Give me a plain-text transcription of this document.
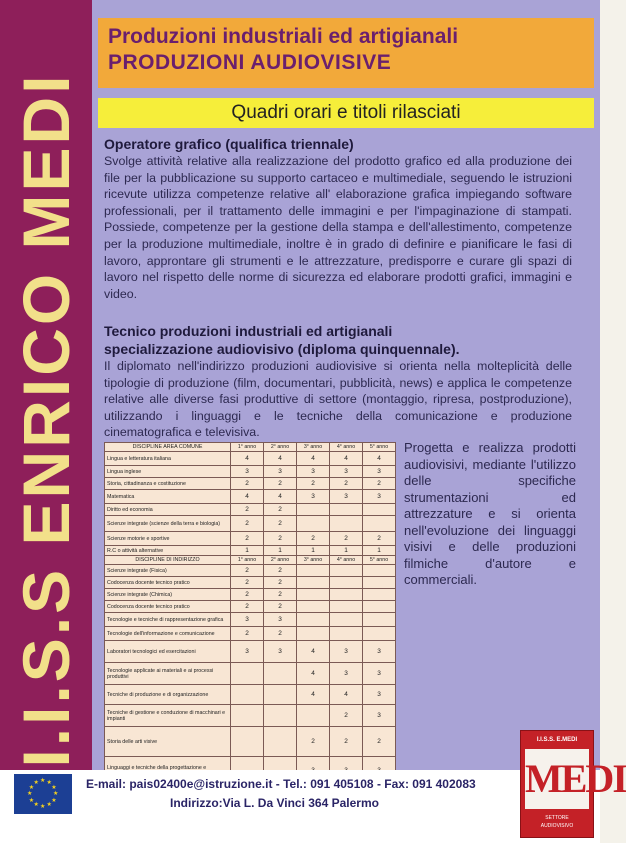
I.I.S.S ENRICO MEDI
Produzioni industriali ed artigianali
PRODUZIONI AUDIOVISIVE
Quadri orari e titoli rilasciati
Operatore grafico (qualifica triennale)
Svolge attività relative alla realizzazione del prodotto grafico ed alla produzione dei file per la pubblicazione su supporto cartaceo e multimediale, seguendo le istruzioni ricevute utilizza competenze relative all' elaborazione grafica impiegando software professionali, per il trattamento delle immagini e per l'impaginazione di stampati. Possiede, competenze per la gestione della stampa e dell'allestimento, competenze per la produzione multimediale, inoltre è in grado di definire e pianificare le fasi di lavoro, approntare gli strumenti e le attrezzature, predisporre e curare gli spazi di lavoro nel rispetto delle norme di sicurezza ed elaborare prodotti grafici, immagini e video.
Tecnico produzioni industriali ed artigianali
specializzazione audiovisivo (diploma quinquennale).
Il diplomato nell'indirizzo produzioni audiovisive si orienta nella molteplicità delle tipologie di produzione (film, documentari, pubblicità, news) e applica le competenze relative alle diverse fasi produttive di settore (montaggio, ripresa, postproduzione), utilizzando i linguaggi e le tecniche della comunicazione e produzione cinematografica e televisiva.
DISCIPLINE AREA COMUNE	1° anno	2° anno	3° anno	4° anno	5° anno
Lingua e letteratura italiana	4	4	4	4	4
Lingua inglese	3	3	3	3	3
Storia, cittadinanza e costituzione	2	2	2	2	2
Matematica	4	4	3	3	3
Diritto ed economia	2	2			
Scienze integrate (scienze della terra e biologia)	2	2			
Scienze motorie e sportive	2	2	2	2	2
R.C o attività alternative	1	1	1	1	1
DISCIPLINE DI INDIRIZZO	1° anno	2° anno	3° anno	4° anno	5° anno
Scienze integrate (Fisica)	2	2			
Codocenza docente tecnico pratico	2	2			
Scienze integrate (Chimica)	2	2			
Codocenza docente tecnico pratico	2	2			
Tecnologie e tecniche di rappresentazione grafica	3	3			
Tecnologie dell'informazione e comunicazione	2	2			
Laboratori tecnologici ed esercitazioni	3	3	4	3	3
Tecnologie applicate ai materiali e ai processi produttivi			4	3	3
Tecniche di produzione e di organizzazione			4	4	3
Tecniche di gestione e conduzione di macchinari e impianti				2	3
Storia delle arti visive			2	2	2
Linguaggi e tecniche della progettazione e					
Progetta e realizza prodotti audiovisivi, mediante l'utilizzo delle specifiche strumentazioni ed attrezzature e si orienta nell'evoluzione dei linguaggi visivi e delle produzioni filmiche d'autore e commerciali.
★ ★
★
★
★
★
★
★
★
★
★
★	E-mail: pais02400e@istruzione.it - Tel.: 091 405108 - Fax: 091 402083
Indirizzo:Via L. Da Vinci 364 Palermo
I.I.S.S. E.MEDI
MEDI
SETTORE
AUDIOVISIVO
